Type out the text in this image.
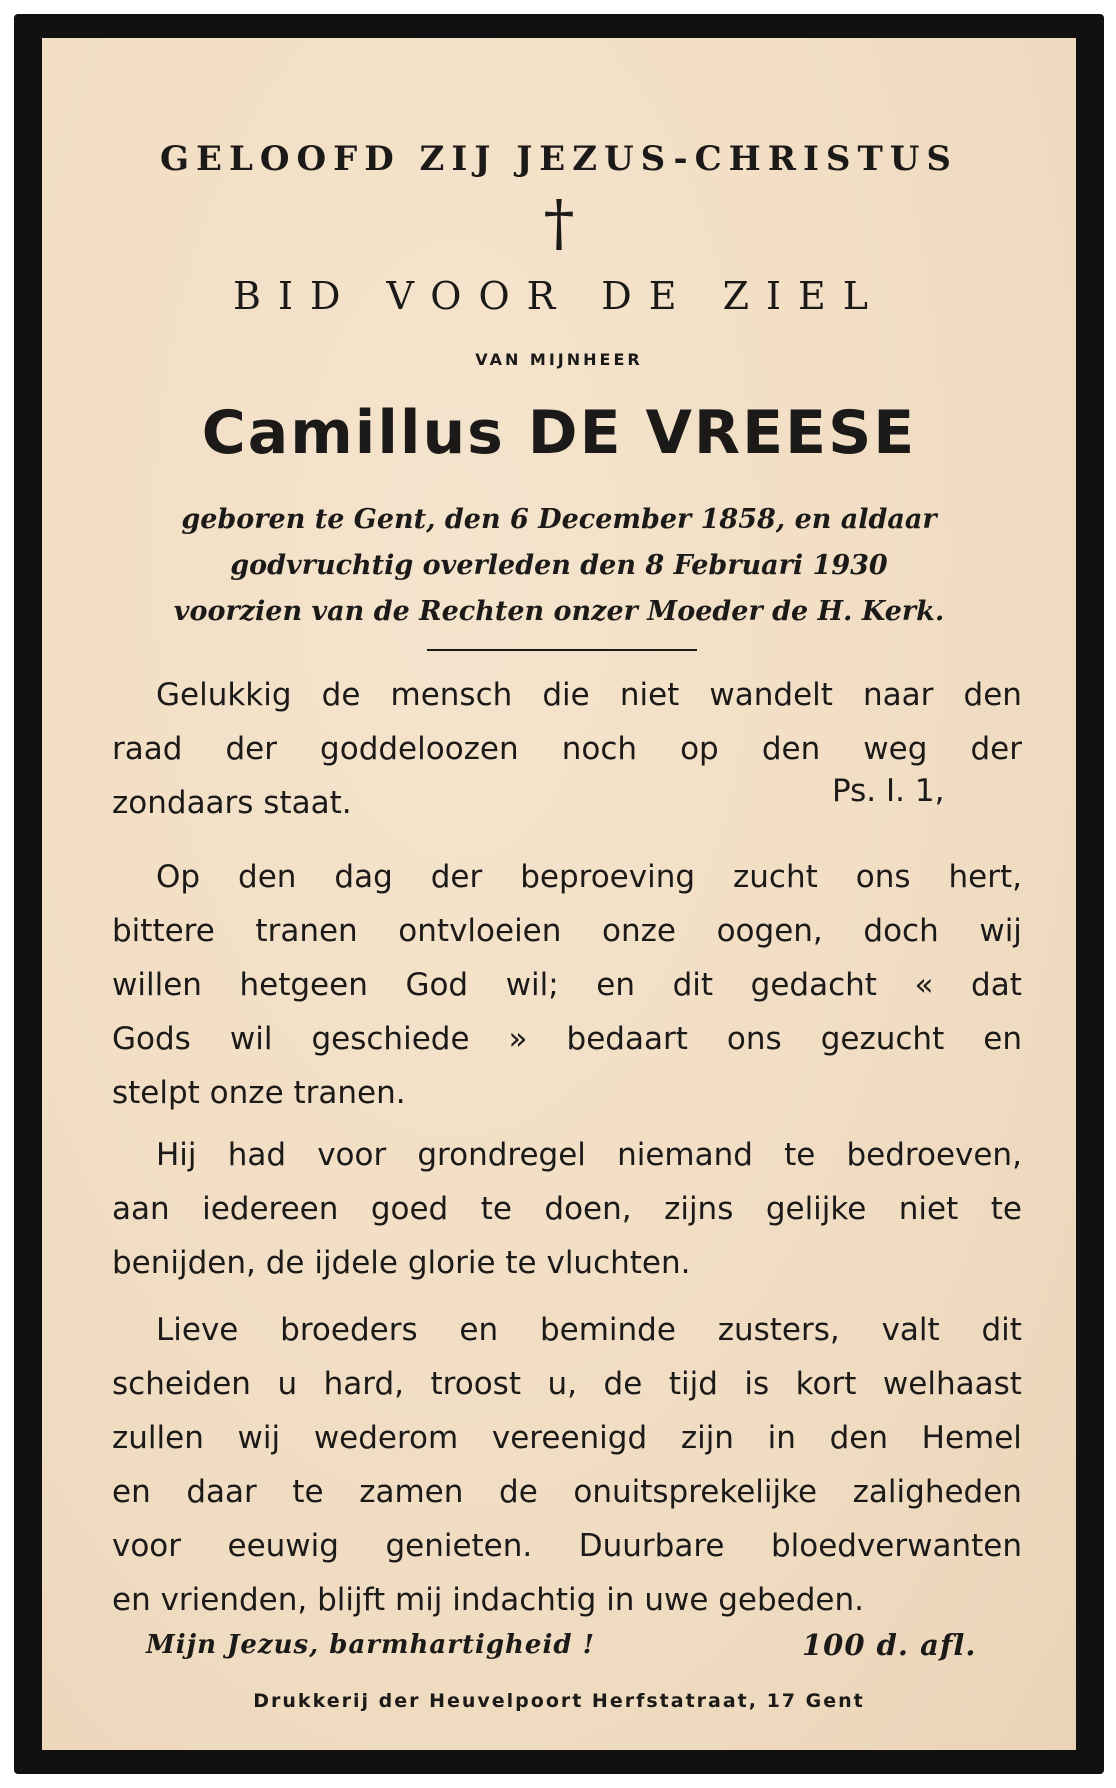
GELOOFD ZIJ JEZUS-CHRISTUS
†
BID VOOR DE ZIEL
VAN MIJNHEER
Camillus DE VREESE
geboren te Gent, den 6 December 1858, en aldaar
godvruchtig overleden den 8 Februari 1930
voorzien van de Rechten onzer Moeder de H. Kerk.
Gelukkig de mensch die niet wandelt naar den
raad der goddeloozen noch op den weg der
zondaars staat.
Op den dag der beproeving zucht ons hert,
bittere tranen ontvloeien onze oogen, doch wij
willen hetgeen God wil; en dit gedacht « dat
Gods wil geschiede » bedaart ons gezucht en
stelpt onze tranen.
Hij had voor grondregel niemand te bedroeven,
aan iedereen goed te doen, zijns gelijke niet te
benijden, de ijdele glorie te vluchten.
Lieve broeders en beminde zusters, valt dit
scheiden u hard, troost u, de tijd is kort welhaast
zullen wij wederom vereenigd zijn in den Hemel
en daar te zamen de onuitsprekelijke zaligheden
voor eeuwig genieten. Duurbare bloedverwanten
en vrienden, blijft mij indachtig in uwe gebeden.
Ps. I. 1,
Mijn Jezus, barmhartigheid !	100 d. afl.
Drukkerij der Heuvelpoort Herfstatraat, 17 Gent
